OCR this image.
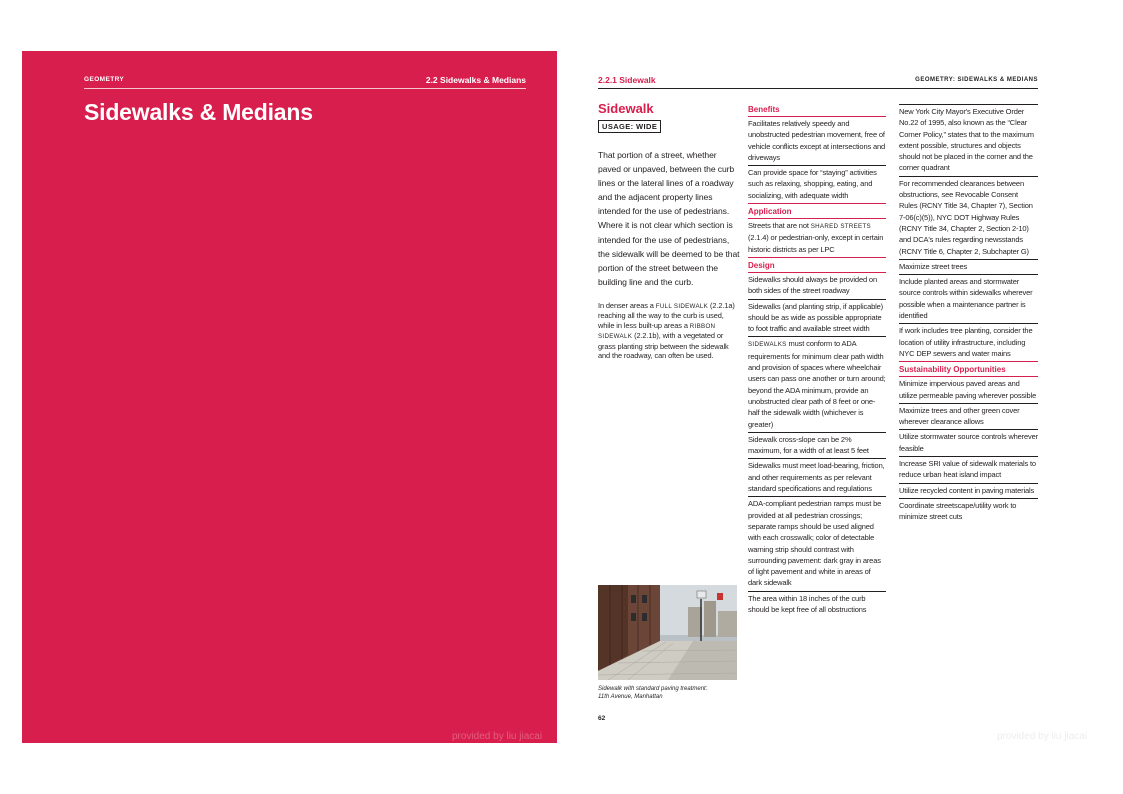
GEOMETRY	2.2 Sidewalks & Medians
Sidewalks & Medians
provided by liu jiacai
2.2.1 Sidewalk	GEOMETRY: SIDEWALKS & MEDIANS
Sidewalk
USAGE: WIDE

That portion of a street, whether paved or unpaved, between the curb lines or the lateral lines of a roadway and the adjacent property lines intended for the use of pedestrians. Where it is not clear which section is intended for the use of pedestrians, the sidewalk will be deemed to be that portion of the street between the building line and the curb.

In denser areas a FULL SIDEWALK (2.2.1a) reaching all the way to the curb is used, while in less built-up areas a RIBBON SIDEWALK (2.2.1b), with a vegetated or grass planting strip between the sidewalk and the roadway, can often be used.

Sidewalk with standard paving treatment:
11th Avenue, Manhattan
62
Benefits
Facilitates relatively speedy and unobstructed pedestrian movement, free of vehicle conflicts except at intersections and driveways
Can provide space for “staying” activities such as relaxing, shopping, eating, and socializing, with adequate width
Application
Streets that are not SHARED STREETS (2.1.4) or pedestrian-only, except in certain historic districts as per LPC
Design
Sidewalks should always be provided on both sides of the street roadway
Sidewalks (and planting strip, if applicable) should be as wide as possible appropriate to foot traffic and available street width
SIDEWALKS must conform to ADA requirements for minimum clear path width and provision of spaces where wheelchair users can pass one another or turn around; beyond the ADA minimum, provide an unobstructed clear path of 8 feet or one-half the sidewalk width (whichever is greater)
Sidewalk cross-slope can be 2% maximum, for a width of at least 5 feet
Sidewalks must meet load-bearing, friction, and other requirements as per relevant standard specifications and regulations
ADA-compliant pedestrian ramps must be provided at all pedestrian crossings; separate ramps should be used aligned with each crosswalk; color of detectable warning strip should contrast with surrounding pavement: dark gray in areas of light pavement and white in areas of dark sidewalk
The area within 18 inches of the curb should be kept free of all obstructions
New York City Mayor's Executive Order No.22 of 1995, also known as the “Clear Corner Policy,” states that to the maximum extent possible, structures and objects should not be placed in the corner and the corner quadrant
For recommended clearances between obstructions, see Revocable Consent Rules (RCNY Title 34, Chapter 7), Section 7-06(c)(5)), NYC DOT Highway Rules (RCNY Title 34, Chapter 2, Section 2-10) and DCA's rules regarding newsstands (RCNY Title 6, Chapter 2, Subchapter G)
Maximize street trees
Include planted areas and stormwater source controls within sidewalks wherever possible when a maintenance partner is identified
If work includes tree planting, consider the location of utility infrastructure, including NYC DEP sewers and water mains
Sustainability Opportunities
Minimize impervious paved areas and utilize permeable paving wherever possible
Maximize trees and other green cover wherever clearance allows
Utilize stormwater source controls wherever feasible
Increase SRI value of sidewalk materials to reduce urban heat island impact
Utilize recycled content in paving materials
Coordinate streetscape/utility work to minimize street cuts
provided by liu jiacai
